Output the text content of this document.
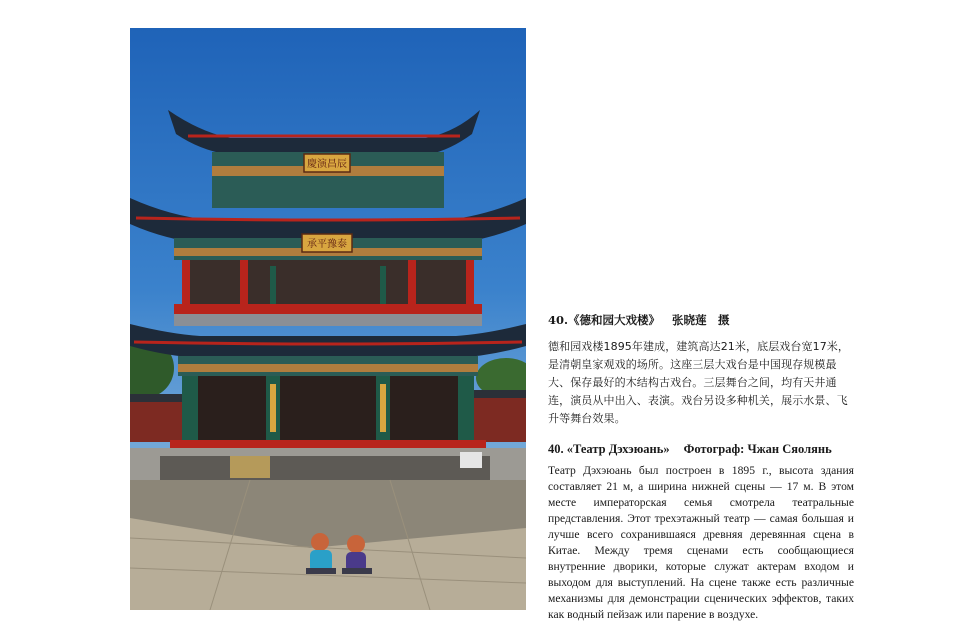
慶演昌辰
承平豫泰
40.《德和园大戏楼》 张晓莲　摄

德和园戏楼1895年建成，建筑高达21米，底层戏台宽17米，是清朝皇家观戏的场所。这座三层大戏台是中国现存规模最大、保存最好的木结构古戏台。三层舞台之间，均有天井通连，演员从中出入、表演。戏台另设多种机关，展示水景、飞升等舞台效果。

40. «Театр Дэхэюань» Фотограф: Чжан Сяолянь

Театр Дэхэюань был построен в 1895 г., высота здания составляет 21 м, а ширина нижней сцены — 17 м. В этом месте императорская семья смотрела театральные представления. Этот трехэтажный театр — самая большая и лучше всего сохранившаяся древняя деревянная сцена в Китае. Между тремя сценами есть сообщающиеся внутренние дворики, которые служат актерам входом и выходом для выступлений. На сцене также есть различные механизмы для демонстрации сценических эффектов, таких как водный пейзаж или парение в воздухе.
